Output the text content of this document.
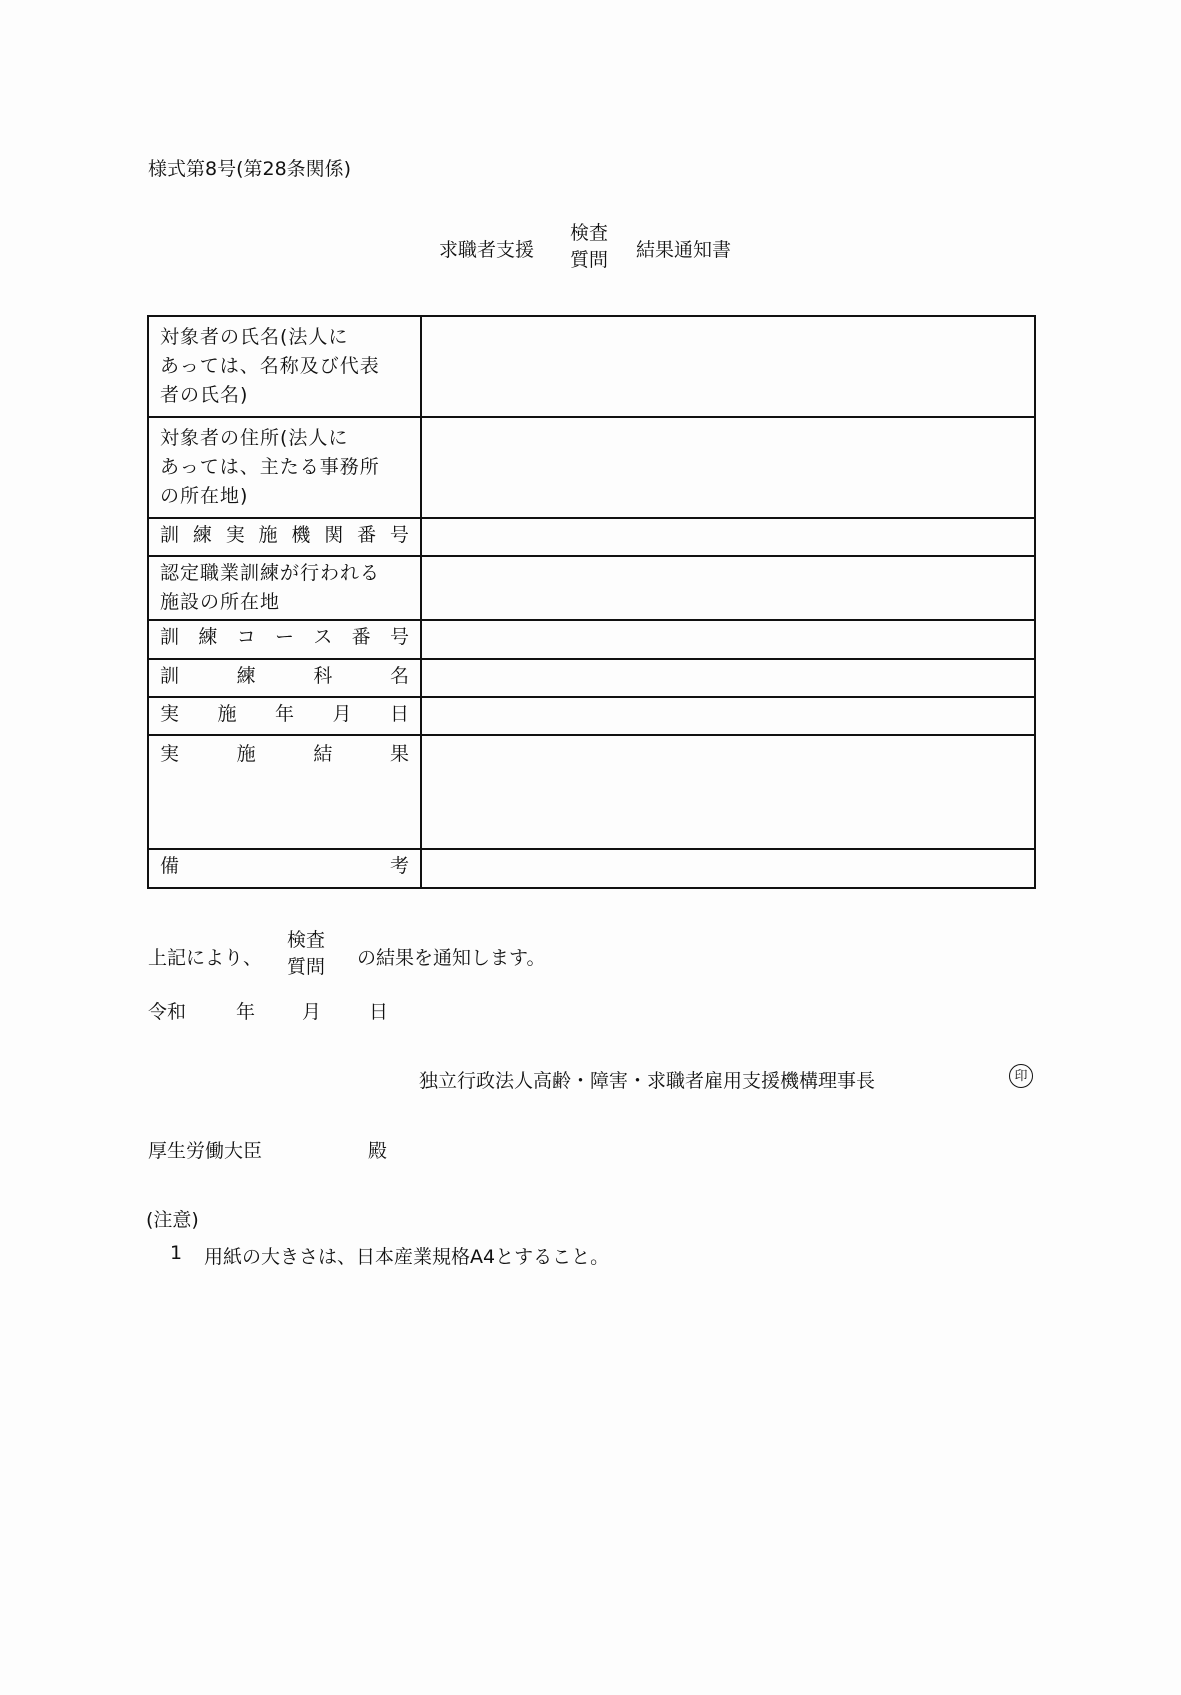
様式第8号(第28条関係)
求職者支援
検査
質問 結果通知書
対象者の氏名(法人に
あっては、名称及び代表
者の氏名)	

対象者の住所(法人に
あっては、主たる事務所
の所在地)	

訓 練 実 施 機 関 番 号

認定職業訓練が行われる
施設の所在地	

訓 練 コ ー ス 番 号

訓 練 科 名	

実 施 年 月 日	

実 施 結 果	

備 考	

上記により、
検査
質問 の結果を通知します。
令和	年 月	日
独立行政法人高齢・障害・求職者雇用支援機構理事長	印
厚生労働大臣	殿
(注意)
1 用紙の大きさは、日本産業規格A4とすること。
